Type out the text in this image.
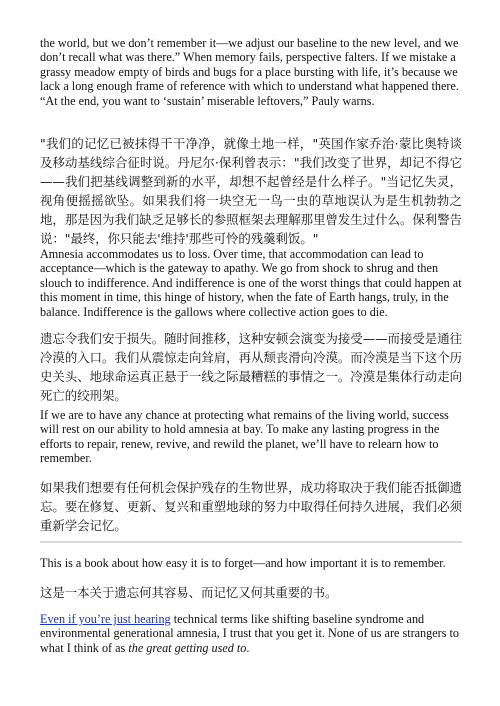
the world, but we don’t remember it—we adjust our baseline to the new level, and we don’t recall what was there.” When memory fails, perspective falters. If we mistake a grassy meadow empty of birds and bugs for a place bursting with life, it’s because we lack a long enough frame of reference with which to understand what happened there. “At the end, you want to ‘sustain’ miserable leftovers,” Pauly warns.

"我们的记忆已被抹得干干净净，就像土地一样，"英国作家乔治·蒙比奥特谈及移动基线综合征时说。丹尼尔·保利曾表示："我们改变了世界，却记不得它——我们把基线调整到新的水平，却想不起曾经是什么样子。"当记忆失灵，视角便摇摇欲坠。如果我们将一块空无一鸟一虫的草地误认为是生机勃勃之地，那是因为我们缺乏足够长的参照框架去理解那里曾发生过什么。保利警告说："最终，你只能去'维持'那些可怜的残羹剩饭。"

Amnesia accommodates us to loss. Over time, that accommodation can lead to acceptance—which is the gateway to apathy. We go from shock to shrug and then slouch to indifference. And indifference is one of the worst things that could happen at this moment in time, this hinge of history, when the fate of Earth hangs, truly, in the balance. Indifference is the gallows where collective action goes to die.

遗忘令我们安于损失。随时间推移，这种安顿会演变为接受——而接受是通往冷漠的入口。我们从震惊走向耸肩，再从颓丧滑向冷漠。而冷漠是当下这个历史关头、地球命运真正悬于一线之际最糟糕的事情之一。冷漠是集体行动走向死亡的绞刑架。

If we are to have any chance at protecting what remains of the living world, success will rest on our ability to hold amnesia at bay. To make any lasting progress in the efforts to repair, renew, revive, and rewild the planet, we’ll have to relearn how to remember.

如果我们想要有任何机会保护残存的生物世界，成功将取决于我们能否抵御遗忘。要在修复、更新、复兴和重塑地球的努力中取得任何持久进展，我们必须重新学会记忆。

This is a book about how easy it is to forget—and how important it is to remember.

这是一本关于遗忘何其容易、而记忆又何其重要的书。

Even if you’re just hearing technical terms like shifting baseline syndrome and environmental generational amnesia, I trust that you get it. None of us are strangers to what I think of as the great getting used to.
